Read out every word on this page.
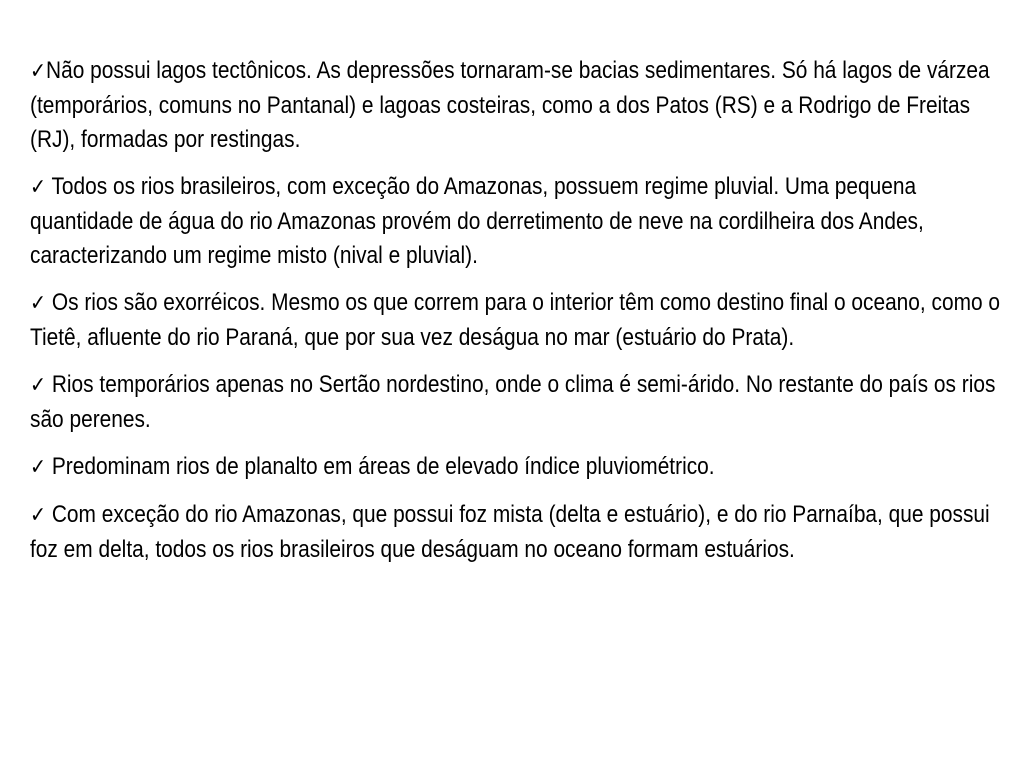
✓Não possui lagos tectônicos. As depressões tornaram-se bacias sedimentares. Só há lagos de várzea (temporários, comuns no Pantanal) e lagoas costeiras, como a dos Patos (RS) e a Rodrigo de Freitas (RJ), formadas por restingas.

✓ Todos os rios brasileiros, com exceção do Amazonas, possuem regime pluvial. Uma pequena quantidade de água do rio Amazonas provém do derretimento de neve na cordilheira dos Andes, caracterizando um regime misto (nival e pluvial).

✓ Os rios são exorréicos. Mesmo os que correm para o interior têm como destino final o oceano, como o Tietê, afluente do rio Paraná, que por sua vez deságua no mar (estuário do Prata).

✓ Rios temporários apenas no Sertão nordestino, onde o clima é semi-árido. No restante do país os rios são perenes.

✓ Predominam rios de planalto em áreas de elevado índice pluviométrico.

✓ Com exceção do rio Amazonas, que possui foz mista (delta e estuário), e do rio Parnaíba, que possui foz em delta, todos os rios brasileiros que deságuam no oceano formam estuários.
